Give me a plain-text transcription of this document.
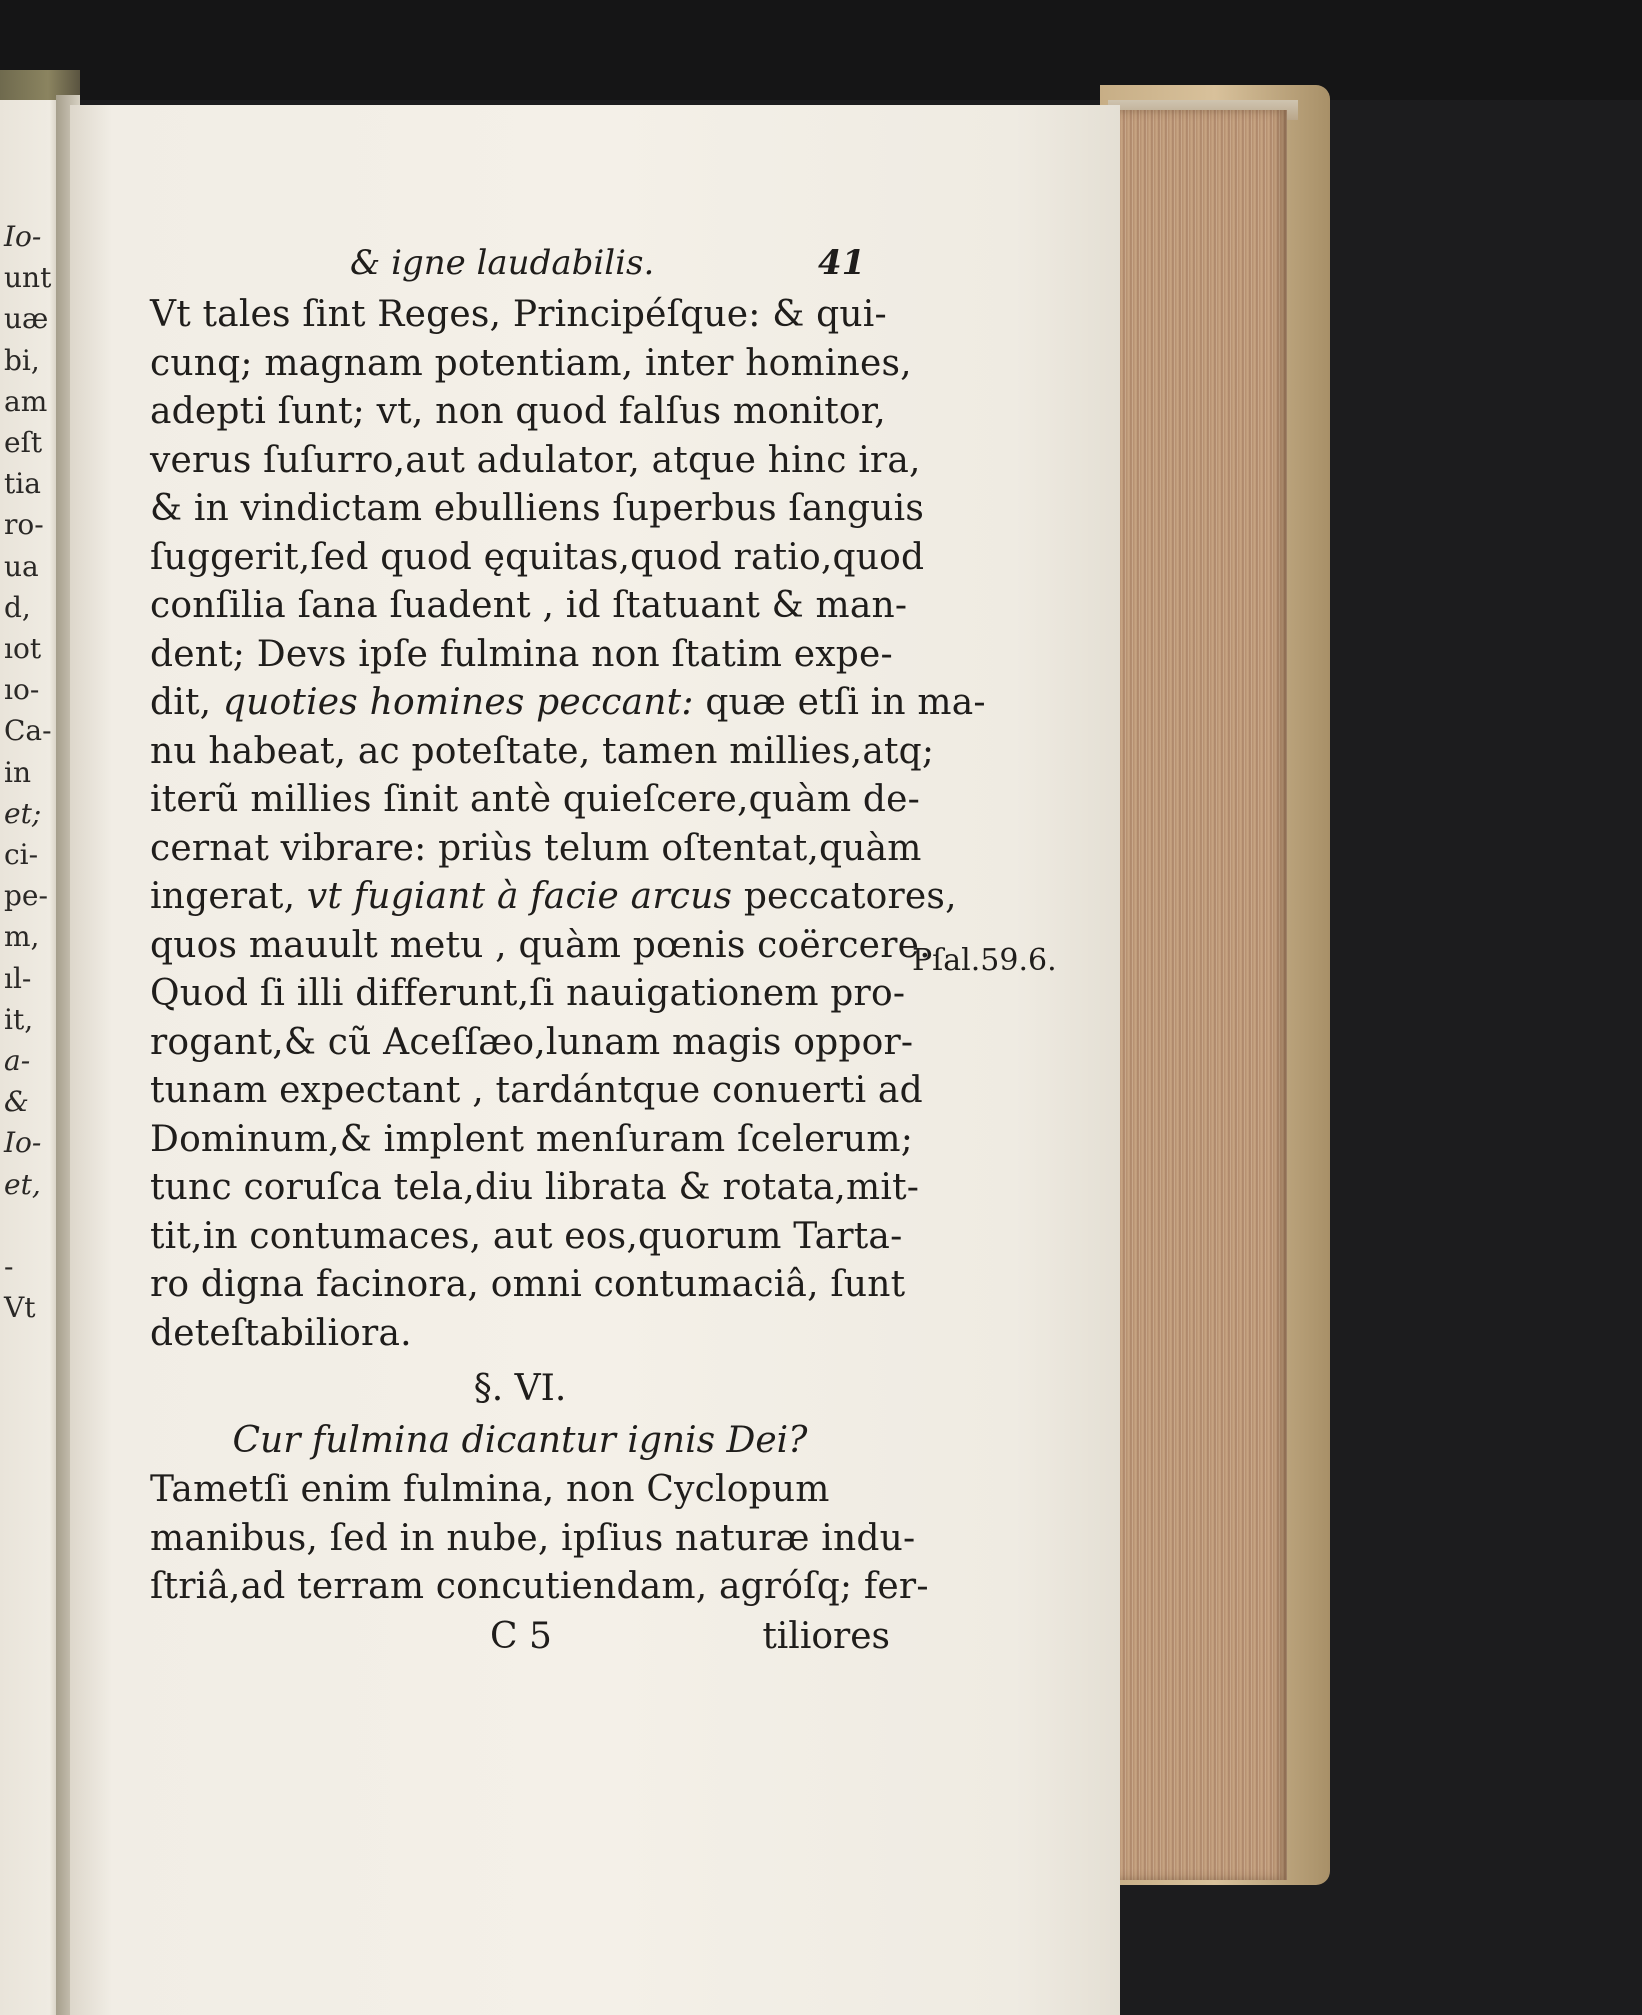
Io-
unt
uæ
bi,
am
eſt
tia
ro-
ua
d,
ıot
ıo-
Ca-
in
et;
ci-
pe-
m,
ıl-
it,
a-
&
Io-
et,
-
Vt
& igne laudabilis.	41
Vt tales ſint Reges, Principéſque: & qui-
cunq; magnam potentiam, inter homines,
adepti ſunt; vt, non quod falſus monitor,
verus ſuſurro,aut adulator, atque hinc ira,
& in vindictam ebulliens ſuperbus ſanguis
ſuggerit,ſed quod ęquitas,quod ratio,quod
conſilia ſana ſuadent , id ſtatuant & man-
dent; Devs ipſe fulmina non ſtatim expe-
dit, quoties homines peccant: quæ etſi in ma-
nu habeat, ac poteſtate, tamen millies,atq;
iterũ millies ſinit antè quieſcere,quàm de-
cernat vibrare: priùs telum oſtentat,quàm
ingerat, vt fugiant à facie arcus peccatores,
quos mauult metu , quàm pœnis coërcere.
Quod ſi illi differunt,ſi nauigationem pro-
rogant,& cũ Aceſſæo,lunam magis oppor-
tunam expectant , tardántque conuerti ad
Dominum,& implent menſuram ſcelerum;
tunc coruſca tela,diu librata & rotata,mit-
tit,in contumaces, aut eos,quorum Tarta-
ro digna facinora, omni contumaciâ, ſunt
deteſtabiliora.
§. VI.
Cur fulmina dicantur ignis Dei?
Tametſi enim fulmina, non Cyclopum
manibus, ſed in nube, ipſius naturæ indu-
ſtriâ,ad terram concutiendam, agróſq; fer-
C 5	tiliores
Pſal.59.6.
